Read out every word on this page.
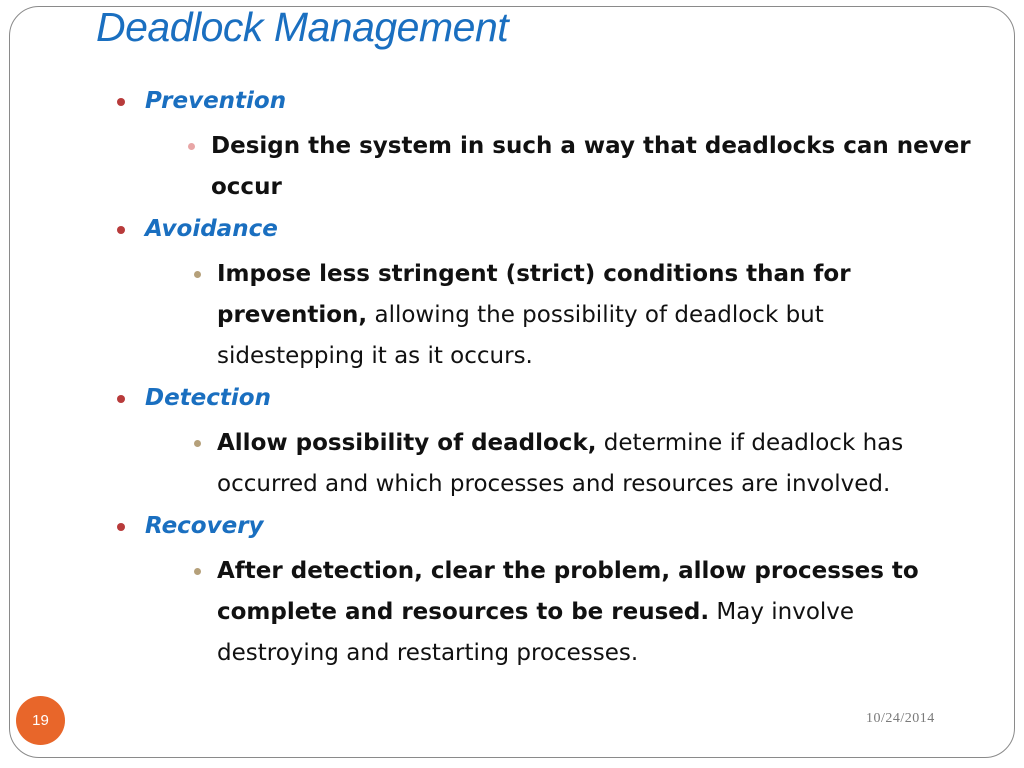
Deadlock Management
Prevention
Design the system in such a way that deadlocks can never occur
Avoidance
Impose less stringent (strict) conditions than for prevention, allowing the possibility of deadlock but sidestepping it as it occurs.
Detection
Allow possibility of deadlock, determine if deadlock has occurred and which processes and resources are involved.
Recovery
After detection, clear the problem, allow processes to complete and resources to be reused. May involve destroying and restarting processes.
19	10/24/2014
